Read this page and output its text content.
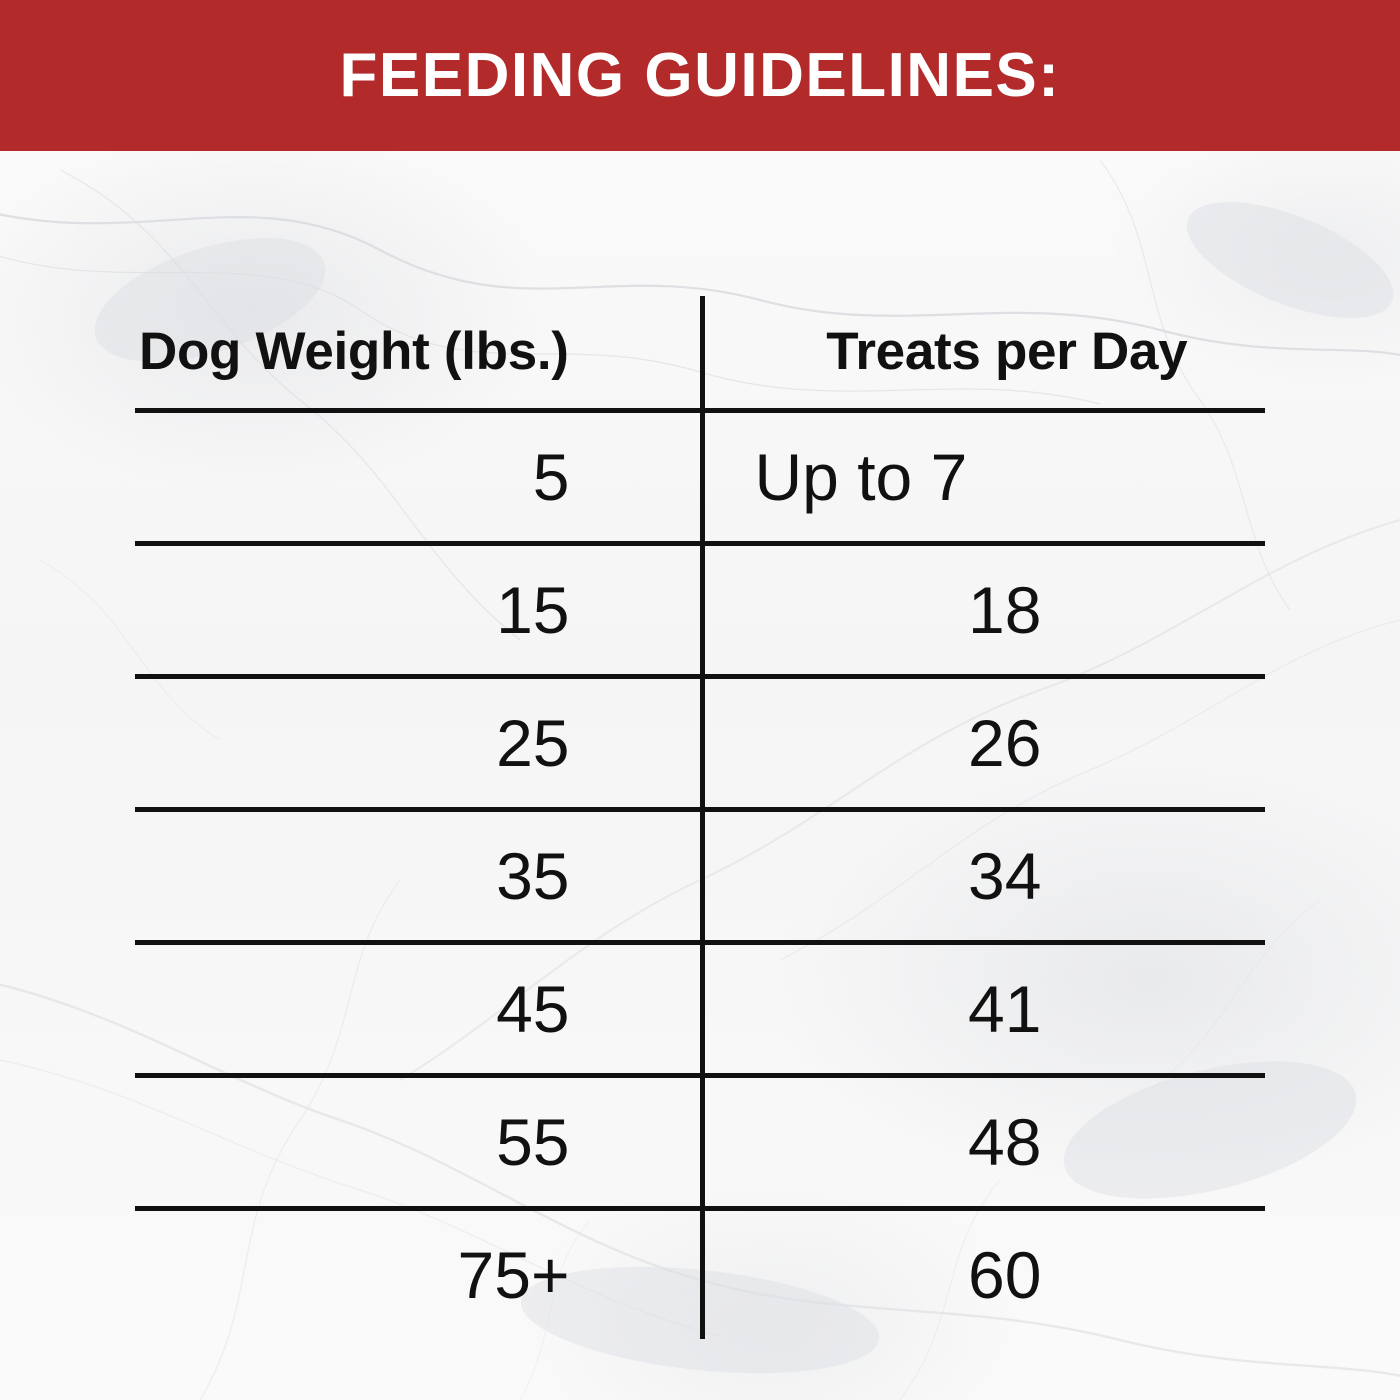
FEEDING GUIDELINES:
Dog Weight (lbs.)	Treats per Day
5	Up to 7
15	18
25	26
35	34
45	41
55	48
75+	60
